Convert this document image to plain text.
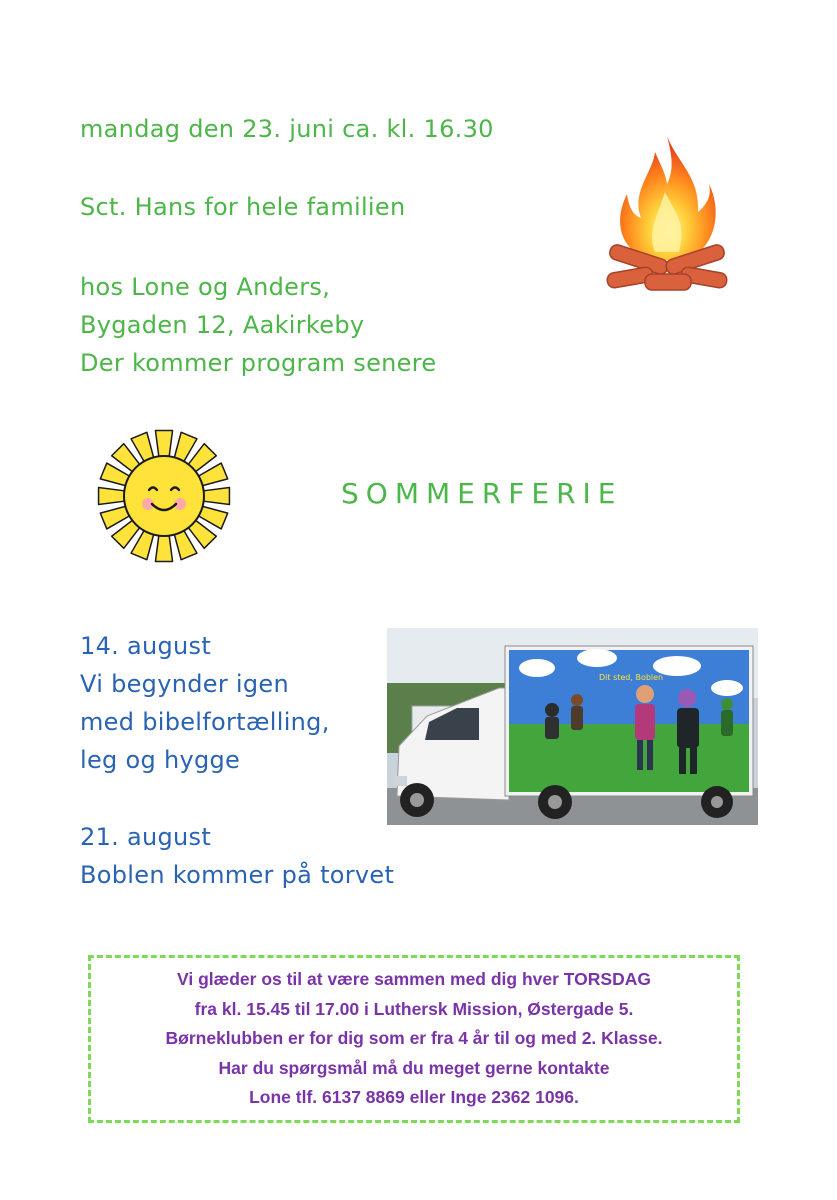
mandag den 23. juni ca. kl. 16.30
Sct. Hans for hele familien
hos Lone og Anders,
Bygaden 12, Aakirkeby
Der kommer program senere
SOMMERFERIE
14. august
Vi begynder igen
med bibelfortælling,
leg og hygge
Dit sted, Boblen
21. august
Boblen kommer på torvet
Vi glæder os til at være sammen med dig hver TORSDAG
fra kl. 15.45 til 17.00 i Luthersk Mission, Østergade 5.
Børneklubben er for dig som er fra 4 år til og med 2. Klasse.
Har du spørgsmål må du meget gerne kontakte
Lone tlf. 6137 8869 eller Inge 2362 1096.
